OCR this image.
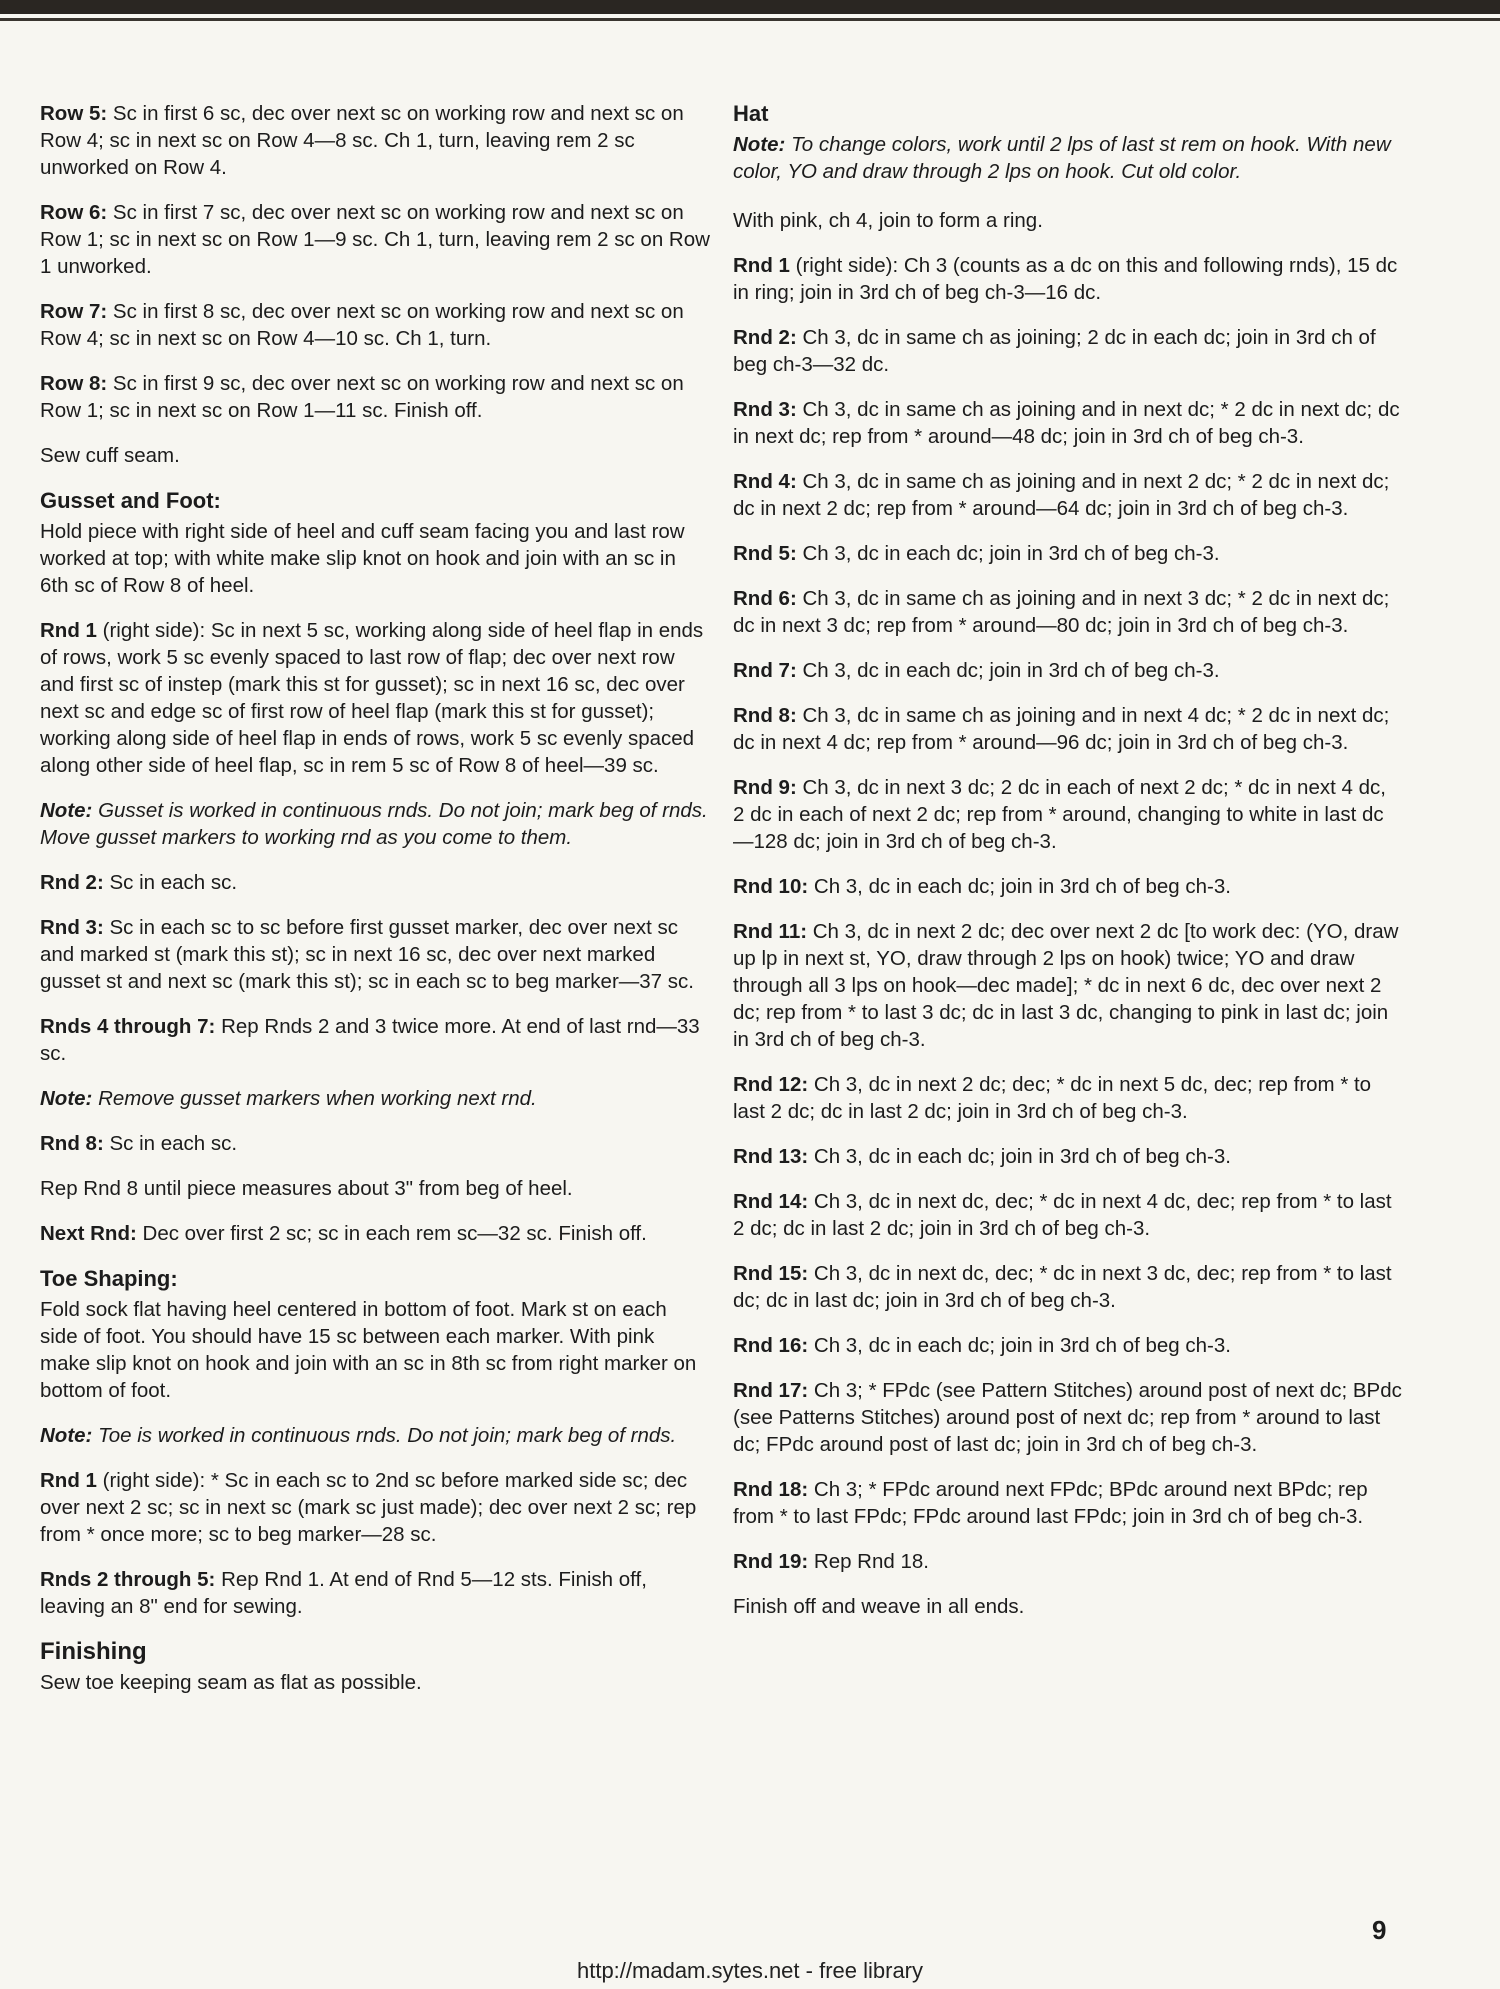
Row 5: Sc in first 6 sc, dec over next sc on working row and next sc on Row 4; sc in next sc on Row 4—8 sc. Ch 1, turn, leaving rem 2 sc unworked on Row 4.
Row 6: Sc in first 7 sc, dec over next sc on working row and next sc on Row 1; sc in next sc on Row 1—9 sc. Ch 1, turn, leaving rem 2 sc on Row 1 unworked.
Row 7: Sc in first 8 sc, dec over next sc on working row and next sc on Row 4; sc in next sc on Row 4—10 sc. Ch 1, turn.
Row 8: Sc in first 9 sc, dec over next sc on working row and next sc on Row 1; sc in next sc on Row 1—11 sc. Finish off.
Sew cuff seam.
Gusset and Foot:
Hold piece with right side of heel and cuff seam facing you and last row worked at top; with white make slip knot on hook and join with an sc in 6th sc of Row 8 of heel.
Rnd 1 (right side): Sc in next 5 sc, working along side of heel flap in ends of rows, work 5 sc evenly spaced to last row of flap; dec over next row and first sc of instep (mark this st for gusset); sc in next 16 sc, dec over next sc and edge sc of first row of heel flap (mark this st for gusset); working along side of heel flap in ends of rows, work 5 sc evenly spaced along other side of heel flap, sc in rem 5 sc of Row 8 of heel—39 sc.
Note: Gusset is worked in continuous rnds. Do not join; mark beg of rnds. Move gusset markers to working rnd as you come to them.
Rnd 2: Sc in each sc.
Rnd 3: Sc in each sc to sc before first gusset marker, dec over next sc and marked st (mark this st); sc in next 16 sc, dec over next marked gusset st and next sc (mark this st); sc in each sc to beg marker—37 sc.
Rnds 4 through 7: Rep Rnds 2 and 3 twice more. At end of last rnd—33 sc.
Note: Remove gusset markers when working next rnd.
Rnd 8: Sc in each sc.
Rep Rnd 8 until piece measures about 3" from beg of heel.
Next Rnd: Dec over first 2 sc; sc in each rem sc—32 sc. Finish off.
Toe Shaping:
Fold sock flat having heel centered in bottom of foot. Mark st on each side of foot. You should have 15 sc between each marker. With pink make slip knot on hook and join with an sc in 8th sc from right marker on bottom of foot.
Note: Toe is worked in continuous rnds. Do not join; mark beg of rnds.
Rnd 1 (right side): * Sc in each sc to 2nd sc before marked side sc; dec over next 2 sc; sc in next sc (mark sc just made); dec over next 2 sc; rep from * once more; sc to beg marker—28 sc.
Rnds 2 through 5: Rep Rnd 1. At end of Rnd 5—12 sts. Finish off, leaving an 8" end for sewing.
Finishing
Sew toe keeping seam as flat as possible.
Hat
Note: To change colors, work until 2 lps of last st rem on hook. With new color, YO and draw through 2 lps on hook. Cut old color.
With pink, ch 4, join to form a ring.
Rnd 1 (right side): Ch 3 (counts as a dc on this and following rnds), 15 dc in ring; join in 3rd ch of beg ch-3—16 dc.
Rnd 2: Ch 3, dc in same ch as joining; 2 dc in each dc; join in 3rd ch of beg ch-3—32 dc.
Rnd 3: Ch 3, dc in same ch as joining and in next dc; * 2 dc in next dc; dc in next dc; rep from * around—48 dc; join in 3rd ch of beg ch-3.
Rnd 4: Ch 3, dc in same ch as joining and in next 2 dc; * 2 dc in next dc; dc in next 2 dc; rep from * around—64 dc; join in 3rd ch of beg ch-3.
Rnd 5: Ch 3, dc in each dc; join in 3rd ch of beg ch-3.
Rnd 6: Ch 3, dc in same ch as joining and in next 3 dc; * 2 dc in next dc; dc in next 3 dc; rep from * around—80 dc; join in 3rd ch of beg ch-3.
Rnd 7: Ch 3, dc in each dc; join in 3rd ch of beg ch-3.
Rnd 8: Ch 3, dc in same ch as joining and in next 4 dc; * 2 dc in next dc; dc in next 4 dc; rep from * around—96 dc; join in 3rd ch of beg ch-3.
Rnd 9: Ch 3, dc in next 3 dc; 2 dc in each of next 2 dc; * dc in next 4 dc, 2 dc in each of next 2 dc; rep from * around, changing to white in last dc—128 dc; join in 3rd ch of beg ch-3.
Rnd 10: Ch 3, dc in each dc; join in 3rd ch of beg ch-3.
Rnd 11: Ch 3, dc in next 2 dc; dec over next 2 dc [to work dec: (YO, draw up lp in next st, YO, draw through 2 lps on hook) twice; YO and draw through all 3 lps on hook—dec made]; * dc in next 6 dc, dec over next 2 dc; rep from * to last 3 dc; dc in last 3 dc, changing to pink in last dc; join in 3rd ch of beg ch-3.
Rnd 12: Ch 3, dc in next 2 dc; dec; * dc in next 5 dc, dec; rep from * to last 2 dc; dc in last 2 dc; join in 3rd ch of beg ch-3.
Rnd 13: Ch 3, dc in each dc; join in 3rd ch of beg ch-3.
Rnd 14: Ch 3, dc in next dc, dec; * dc in next 4 dc, dec; rep from * to last 2 dc; dc in last 2 dc; join in 3rd ch of beg ch-3.
Rnd 15: Ch 3, dc in next dc, dec; * dc in next 3 dc, dec; rep from * to last dc; dc in last dc; join in 3rd ch of beg ch-3.
Rnd 16: Ch 3, dc in each dc; join in 3rd ch of beg ch-3.
Rnd 17: Ch 3; * FPdc (see Pattern Stitches) around post of next dc; BPdc (see Patterns Stitches) around post of next dc; rep from * around to last dc; FPdc around post of last dc; join in 3rd ch of beg ch-3.
Rnd 18: Ch 3; * FPdc around next FPdc; BPdc around next BPdc; rep from * to last FPdc; FPdc around last FPdc; join in 3rd ch of beg ch-3.
Rnd 19: Rep Rnd 18.
Finish off and weave in all ends.
9
http://madam.sytes.net - free library
